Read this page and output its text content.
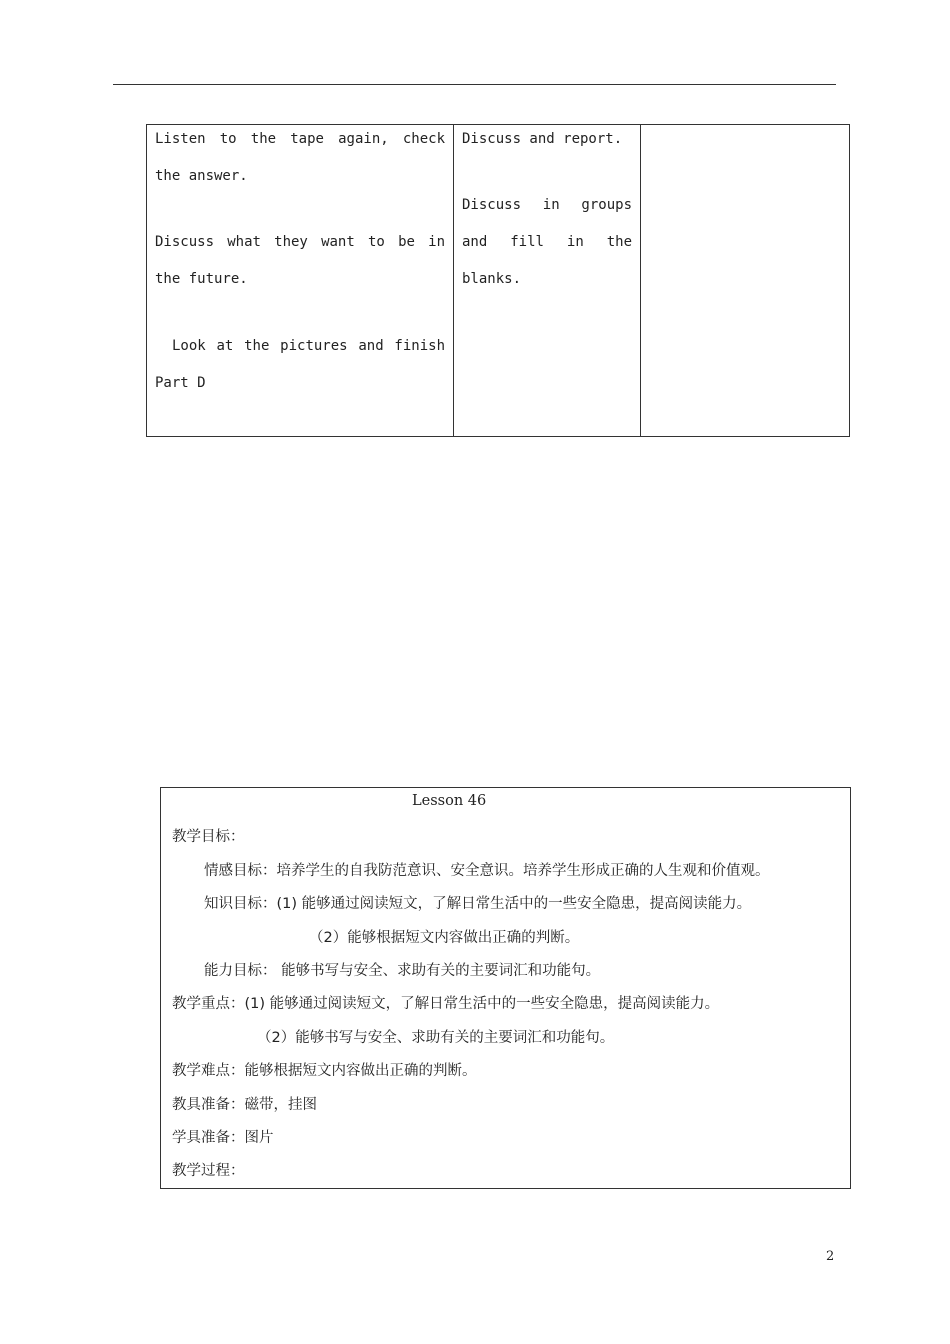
Listen to the tape again, check
the answer.
Discuss what they want to be in
the future.
Look at the pictures and finish
Part D
Discuss and report.
Discuss in groups
and fill in the
blanks.
Lesson 46
教学目标：
情感目标：培养学生的自我防范意识、安全意识。培养学生形成正确的人生观和价值观。
知识目标：(1) 能够通过阅读短文，了解日常生活中的一些安全隐患，提高阅读能力。
（2）能够根据短文内容做出正确的判断。
能力目标： 能够书写与安全、求助有关的主要词汇和功能句。
教学重点：(1) 能够通过阅读短文，了解日常生活中的一些安全隐患，提高阅读能力。
（2）能够书写与安全、求助有关的主要词汇和功能句。
教学难点：能够根据短文内容做出正确的判断。
教具准备：磁带，挂图
学具准备：图片
教学过程：
2
